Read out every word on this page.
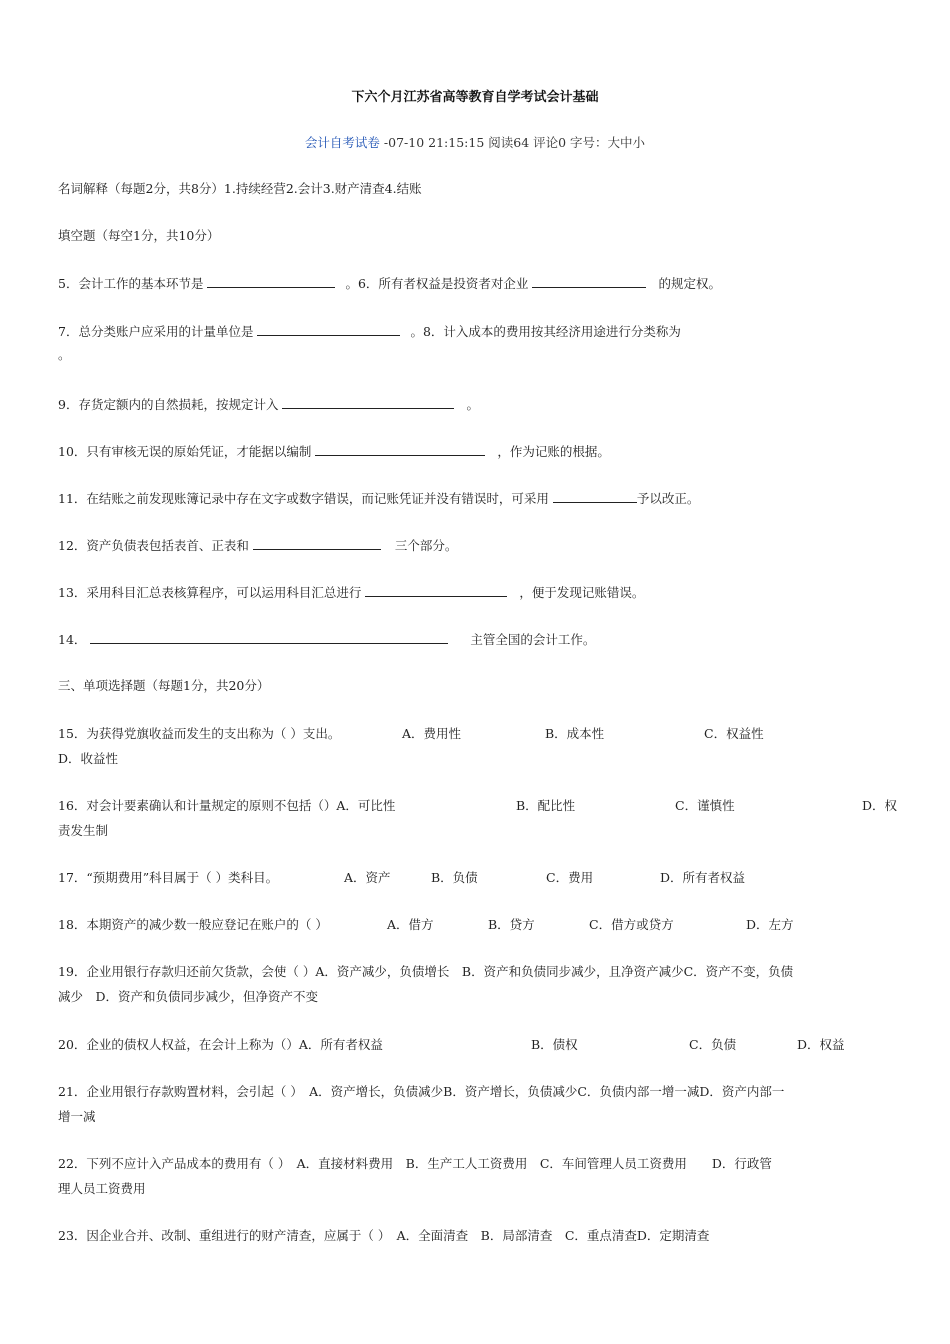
下六个月江苏省高等教育自学考试会计基础
会计自考试卷 -07-10 21:15:15 阅读64 评论0 字号：大中小
名词解释（每题2分，共8分）1.持续经营2.会计3.财产清查4.结账
填空题（每空1分，共10分）
5．会计工作的基本环节是	。6．所有者权益是投资者对企业	的规定权。
7．总分类账户应采用的计量单位是	。8．计入成本的费用按其经济用途进行分类称为
。
9．存货定额内的自然损耗，按规定计入	。
10．只有审核无误的原始凭证，才能据以编制	，作为记账的根据。
11．在结账之前发现账簿记录中存在文字或数字错误，而记账凭证并没有错误时，可采用	予以改正。
12．资产负债表包括表首、正表和	三个部分。
13．采用科目汇总表核算程序，可以运用科目汇总进行	，便于发现记账错误。
14．	主管全国的会计工作。
三、单项选择题（每题1分，共20分）
15．为获得党旗收益而发生的支出称为（ ）支出。	A．费用性	B．成本性	C．权益性
D．收益性
16．对会计要素确认和计量规定的原则不包括（）A．可比性	B．配比性	C．谨慎性	D．权
责发生制
17．“预期费用”科目属于（ ）类科目。	A．资产	B．负债	C．费用	D．所有者权益
18．本期资产的减少数一般应登记在账户的（ ）	A．借方	B．贷方	C．借方或贷方	D．左方
19．企业用银行存款归还前欠货款，会使（ ）A．资产减少，负债增长　B．资产和负债同步减少，且净资产减少C．资产不变，负债
减少　D．资产和负债同步减少，但净资产不变
20．企业的债权人权益，在会计上称为（）A．所有者权益	B．债权	C．负债	D．权益
21．企业用银行存款购置材料，会引起（ ）　A．资产增长，负债减少B．资产增长，负债减少C．负债内部一增一减D．资产内部一
增一减
22．下列不应计入产品成本的费用有（ ）　A．直接材料费用　B．生产工人工资费用　C．车间管理人员工资费用　　D．行政管
理人员工资费用
23．因企业合并、改制、重组进行的财产清查，应属于（ ）　A．全面清查　B．局部清查　C．重点清查D．定期清查
